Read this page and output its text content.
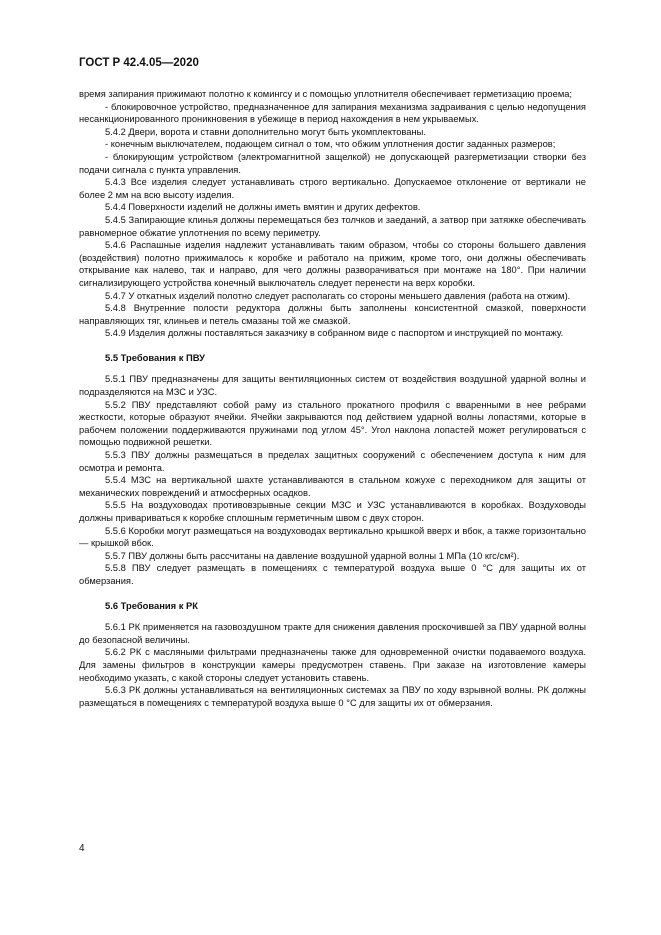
ГОСТ Р 42.4.05—2020

время запирания прижимают полотно к комингсу и с помощью уплотнителя обеспечивает герметизацию проема;

- блокировочное устройство, предназначенное для запирания механизма задраивания с целью недопущения несанкционированного проникновения в убежище в период нахождения в нем укрываемых.

5.4.2 Двери, ворота и ставни дополнительно могут быть укомплектованы.

- конечным выключателем, подающем сигнал о том, что обжим уплотнения достиг заданных размеров;

- блокирующим устройством (электромагнитной защелкой) не допускающей разгерметизации створки без подачи сигнала с пункта управления.

5.4.3 Все изделия следует устанавливать строго вертикально. Допускаемое отклонение от вертикали не более 2 мм на всю высоту изделия.

5.4.4 Поверхности изделий не должны иметь вмятин и других дефектов.

5.4.5 Запирающие клинья должны перемещаться без толчков и заеданий, а затвор при затяжке обеспечивать равномерное обжатие уплотнения по всему периметру.

5.4.6 Распашные изделия надлежит устанавливать таким образом, чтобы со стороны большего давления (воздействия) полотно прижималось к коробке и работало на прижим, кроме того, они должны обеспечивать открывание как налево, так и направо, для чего должны разворачиваться при монтаже на 180°. При наличии сигнализирующего устройства конечный выключатель следует перенести на верх коробки.

5.4.7 У откатных изделий полотно следует располагать со стороны меньшего давления (работа на отжим).

5.4.8 Внутренние полости редуктора должны быть заполнены консистентной смазкой, поверхности направляющих тяг, клиньев и петель смазаны той же смазкой.

5.4.9 Изделия должны поставляться заказчику в собранном виде с паспортом и инструкцией по монтажу.

5.5 Требования к ПВУ

5.5.1 ПВУ предназначены для защиты вентиляционных систем от воздействия воздушной ударной волны и подразделяются на МЗС и УЗС.

5.5.2 ПВУ представляют собой раму из стального прокатного профиля с вваренными в нее ребрами жесткости, которые образуют ячейки. Ячейки закрываются под действием ударной волны лопастями, которые в рабочем положении поддерживаются пружинами под углом 45°. Угол наклона лопастей может регулироваться с помощью подвижной решетки.

5.5.3 ПВУ должны размещаться в пределах защитных сооружений с обеспечением доступа к ним для осмотра и ремонта.

5.5.4 МЗС на вертикальной шахте устанавливаются в стальном кожухе с переходником для защиты от механических повреждений и атмосферных осадков.

5.5.5 На воздуховодах противовзрывные секции МЗС и УЗС устанавливаются в коробках. Воздуховоды должны привариваться к коробке сплошным герметичным швом с двух сторон.

5.5.6 Коробки могут размещаться на воздуховодах вертикально крышкой вверх и вбок, а также горизонтально — крышкой вбок.

5.5.7 ПВУ должны быть рассчитаны на давление воздушной ударной волны 1 МПа (10 кгс/см²).

5.5.8 ПВУ следует размещать в помещениях с температурой воздуха выше 0 °С для защиты их от обмерзания.

5.6 Требования к РК

5.6.1 РК применяется на газовоздушном тракте для снижения давления проскочившей за ПВУ ударной волны до безопасной величины.

5.6.2 РК с масляными фильтрами предназначены также для одновременной очистки подаваемого воздуха. Для замены фильтров в конструкции камеры предусмотрен ставень. При заказе на изготовление камеры необходимо указать, с какой стороны следует установить ставень.

5.6.3 РК должны устанавливаться на вентиляционных системах за ПВУ по ходу взрывной волны. РК должны размещаться в помещениях с температурой воздуха выше 0 °С для защиты их от обмерзания.

4
